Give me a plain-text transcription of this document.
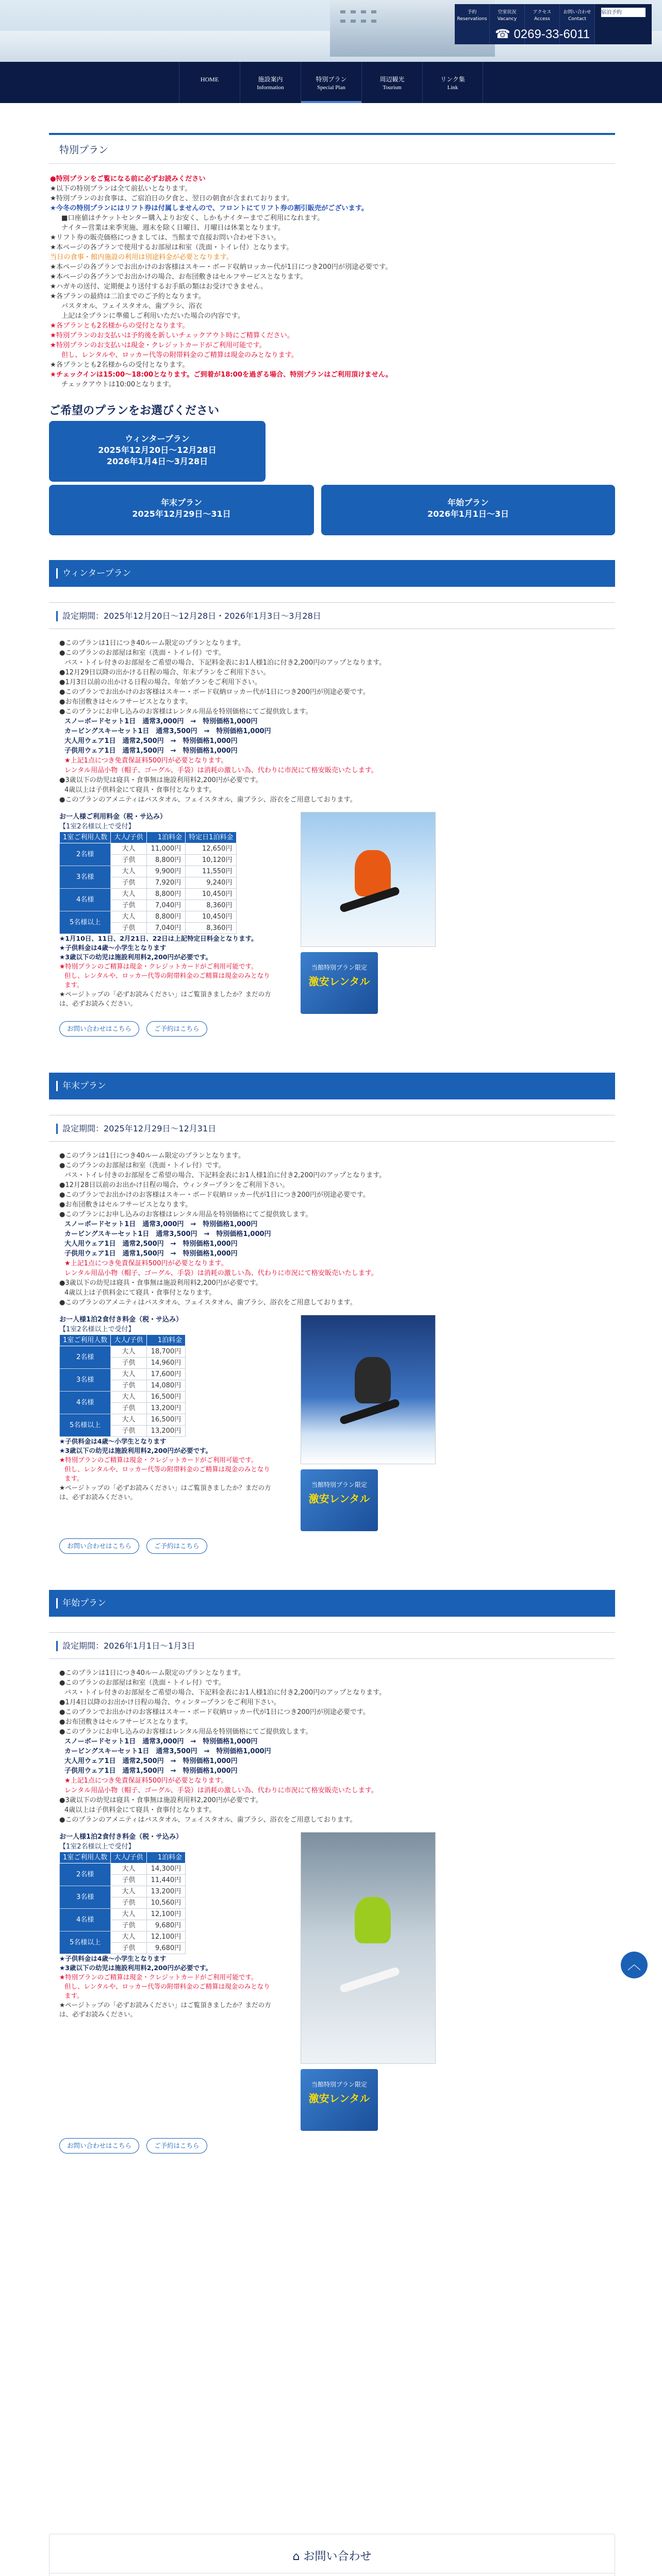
予約
Reservations
空室状況
Vacancy
アクセス
Access
お問い合わせ
Contact
宿泊予約
☎ 0269-33-6011
HOME	施設案内
Information
特別プラン
Special Plan
周辺観光
Tourism
リンク集
Link
特別プラン

●特別プランをご覧になる前に必ずお読みください

★以下の特別プランは全て前払いとなります。

★特別プランのお食事は、ご宿泊日の夕食と、翌日の朝食が含まれております。

★今冬の特別プランにはリフト券は付属しませんので、フロントにてリフト券の割引販売がございます。

■口座値はチケットセンター購入よりお安く、しかもナイターまでご利用になれます。

ナイター営業は来季実施、週末を除く日曜日、月曜日は休業となります。

★リフト券の販売価格につきましては、当館まで直接お問い合わせ下さい。

★本ページの各プランで使用するお部屋は和室（洗面・トイレ付）となります。

当日の食事・館内施設の利用は別途料金が必要となります。

★本ページの各プランでお出かけのお客様はスキー・ボード収納ロッカー代が1日につき200円が別途必要です。

★本ページの各プランでお出かけの場合、お布団敷きはセルフサービスとなります。

★ハガキの送付、定期便より送付するお手紙の類はお受けできません。

★各プランの最終は二泊までのご予約となります。

パスタオル、フェイスタオル、歯ブラシ、浴衣

上記は全プランに準備しご利用いただいた場合の内容です。

★各プランとも2名様からの受付となります。

★特別プランのお支払いは予約後を新しいチェックアウト時にご精算ください。

★特別プランのお支払いは現金・クレジットカードがご利用可能です。

但し、レンタルや、ロッカー代等の附帯料金のご精算は現金のみとなります。

★各プランとも2名様からの受付となります。

★チェックインは15:00〜18:00となります。ご到着が18:00を過ぎる場合、特別プランはご利用頂けません。

チェックアウトは10:00となります。

ご希望のプランをお選びください
ウィンタープラン
2025年12月20日〜12月28日
2026年1月4日〜3月28日
年末プラン
2025年12月29日〜31日
年始プラン
2026年1月1日〜3日
ウィンタープラン
設定期間：2025年12月20日〜12月28日・2026年1月3日〜3月28日

●このプランは1日につき40ルーム限定のプランとなります。

●このプランのお部屋は和室（洗面・トイレ付）です。

バス・トイレ付きのお部屋をご希望の場合、下記料金表にお1人様1泊に付き2,200円のアップとなります。

●12月29日以降の出かける日程の場合、年末プランをご利用下さい。

●1月3日以前の出かける日程の場合、年始プランをご利用下さい。

●このプランでお出かけのお客様はスキー・ボード収納ロッカー代が1日につき200円が別途必要です。

●お布団敷きはセルフサービスとなります。

●このプランにお申し込みのお客様はレンタル用品を特別価格にてご提供致します。

スノーボードセット1日　通常3,000円　→　特別価格1,000円

カービングスキーセット1日　通常3,500円　→　特別価格1,000円

大人用ウェア1日　通常2,500円　→　特別価格1,000円

子供用ウェア1日　通常1,500円　→　特別価格1,000円

★上記1点につき免責保証料500円が必要となります。

レンタル用品小物（帽子、ゴーグル、手袋）は消耗の激しい為、代わりに市況にて格安販売いたします。

●3歳以下の幼児は寝具・食事無は施設利用料2,200円が必要です。

4歳以上は子供料金にて寝具・食事付となります。

●このプランのアメニティはバスタオル、フェイスタオル、歯ブラシ、浴衣をご用意しております。

お一人様ご利用料金（税・サ込み）
【1室2名様以上で受付】
1室ご利用人数	大人/子供	1泊料金	特定日1泊料金
2名様	大人	11,000円	12,650円
	子供	8,800円	10,120円
3名様	大人	9,900円	11,550円
	子供	7,920円	9,240円
4名様	大人	8,800円	10,450円
	子供	7,040円	8,360円
5名様以上	大人	8,800円	10,450円
	子供	7,040円	8,360円

★1月10日、11日、2月21日、22日は上記特定日料金となります。

★子供料金は4歳〜小学生となります

★3歳以下の幼児は施設利用料2,200円が必要です。

★特別プランのご精算は現金・クレジットカードがご利用可能です。

但し、レンタルや、ロッカー代等の附帯料金のご精算は現金のみとなります。

★ページトップの「必ずお読みください」はご覧頂きましたか？まだの方は、必ずお読みください。

当館特別プラン限定
激安レンタル
お問い合わせはこちら	ご予約はこちら
年末プラン
設定期間：2025年12月29日〜12月31日

●このプランは1日につき40ルーム限定のプランとなります。

●このプランのお部屋は和室（洗面・トイレ付）です。

バス・トイレ付きのお部屋をご希望の場合、下記料金表にお1人様1泊に付き2,200円のアップとなります。

●12月28日以前のお出かけ日程の場合、ウィンタープランをご利用下さい。

●このプランでお出かけのお客様はスキー・ボード収納ロッカー代が1日につき200円が別途必要です。

●お布団敷きはセルフサービスとなります。

●このプランにお申し込みのお客様はレンタル用品を特別価格にてご提供致します。

スノーボードセット1日　通常3,000円　→　特別価格1,000円

カービングスキーセット1日　通常3,500円　→　特別価格1,000円

大人用ウェア1日　通常2,500円　→　特別価格1,000円

子供用ウェア1日　通常1,500円　→　特別価格1,000円

★上記1点につき免責保証料500円が必要となります。

レンタル用品小物（帽子、ゴーグル、手袋）は消耗の激しい為、代わりに市況にて格安販売いたします。

●3歳以下の幼児は寝具・食事無は施設利用料2,200円が必要です。

4歳以上は子供料金にて寝具・食事付となります。

●このプランのアメニティはバスタオル、フェイスタオル、歯ブラシ、浴衣をご用意しております。

お一人様1泊2食付き料金（税・サ込み）
【1室2名様以上で受付】
1室ご利用人数	大人/子供	1泊料金
2名様	大人	18,700円
	子供	14,960円
3名様	大人	17,600円
	子供	14,080円
4名様	大人	16,500円
	子供	13,200円
5名様以上	大人	16,500円
	子供	13,200円

★子供料金は4歳〜小学生となります

★3歳以下の幼児は施設利用料2,200円が必要です。

★特別プランのご精算は現金・クレジットカードがご利用可能です。

但し、レンタルや、ロッカー代等の附帯料金のご精算は現金のみとなります。

★ページトップの「必ずお読みください」はご覧頂きましたか？まだの方は、必ずお読みください。

当館特別プラン限定
激安レンタル
お問い合わせはこちら	ご予約はこちら
年始プラン
設定期間：2026年1月1日〜1月3日

●このプランは1日につき40ルーム限定のプランとなります。

●このプランのお部屋は和室（洗面・トイレ付）です。

バス・トイレ付きのお部屋をご希望の場合、下記料金表にお1人様1泊に付き2,200円のアップとなります。

●1月4日以降のお出かけ日程の場合、ウィンタープランをご利用下さい。

●このプランでお出かけのお客様はスキー・ボード収納ロッカー代が1日につき200円が別途必要です。

●お布団敷きはセルフサービスとなります。

●このプランにお申し込みのお客様はレンタル用品を特別価格にてご提供致します。

スノーボードセット1日　通常3,000円　→　特別価格1,000円

カービングスキーセット1日　通常3,500円　→　特別価格1,000円

大人用ウェア1日　通常2,500円　→　特別価格1,000円

子供用ウェア1日　通常1,500円　→　特別価格1,000円

★上記1点につき免責保証料500円が必要となります。

レンタル用品小物（帽子、ゴーグル、手袋）は消耗の激しい為、代わりに市況にて格安販売いたします。

●3歳以下の幼児は寝具・食事無は施設利用料2,200円が必要です。

4歳以上は子供料金にて寝具・食事付となります。

●このプランのアメニティはバスタオル、フェイスタオル、歯ブラシ、浴衣をご用意しております。

お一人様1泊2食付き料金（税・サ込み）
【1室2名様以上で受付】
1室ご利用人数	大人/子供	1泊料金
2名様	大人	14,300円
	子供	11,440円
3名様	大人	13,200円
	子供	10,560円
4名様	大人	12,100円
	子供	9,680円
5名様以上	大人	12,100円
	子供	9,680円

★子供料金は4歳〜小学生となります

★3歳以下の幼児は施設利用料2,200円が必要です。

★特別プランのご精算は現金・クレジットカードがご利用可能です。

但し、レンタルや、ロッカー代等の附帯料金のご精算は現金のみとなります。

★ページトップの「必ずお読みください」はご覧頂きましたか？まだの方は、必ずお読みください。

当館特別プラン限定
激安レンタル
お問い合わせはこちら	ご予約はこちら
︿
⌂ お問い合わせ
